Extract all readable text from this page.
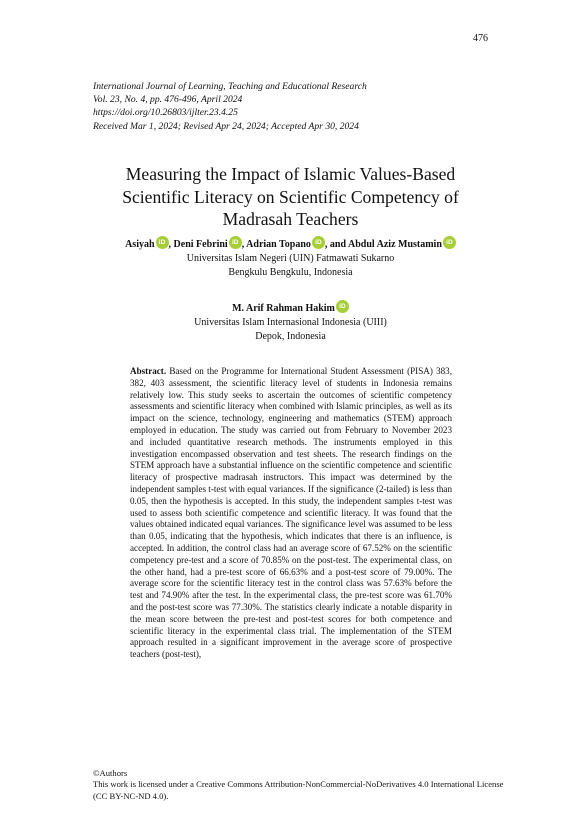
476
International Journal of Learning, Teaching and Educational Research
Vol. 23, No. 4, pp. 476-496, April 2024
https://doi.org/10.26803/ijlter.23.4.25
Received Mar 1, 2024; Revised Apr 24, 2024; Accepted Apr 30, 2024
Measuring the Impact of Islamic Values-Based
Scientific Literacy on Scientific Competency of
Madrasah Teachers
Asiyah iD , Deni Febrini iD , Adrian Topano iD , and Abdul Aziz Mustamin iD
Universitas Islam Negeri (UIN) Fatmawati Sukarno
Bengkulu Bengkulu, Indonesia
M. Arif Rahman Hakim iD
Universitas Islam Internasional Indonesia (UIII)
Depok, Indonesia
Abstract. Based on the Programme for International Student Assessment (PISA) 383, 382, 403 assessment, the scientific literacy level of students in Indonesia remains relatively low. This study seeks to ascertain the outcomes of scientific competency assessments and scientific literacy when combined with Islamic principles, as well as its impact on the science, technology, engineering and mathematics (STEM) approach employed in education. The study was carried out from February to November 2023 and included quantitative research methods. The instruments employed in this investigation encompassed observation and test sheets. The research findings on the STEM approach have a substantial influence on the scientific competence and scientific literacy of prospective madrasah instructors. This impact was determined by the independent samples t-test with equal variances. If the significance (2-tailed) is less than 0.05, then the hypothesis is accepted. In this study, the independent samples t-test was used to assess both scientific competence and scientific literacy. It was found that the values obtained indicated equal variances. The significance level was assumed to be less than 0.05, indicating that the hypothesis, which indicates that there is an influence, is accepted. In addition, the control class had an average score of 67.52% on the scientific competency pre-test and a score of 70.85% on the post-test. The experimental class, on the other hand, had a pre-test score of 66.63% and a post-test score of 79.00%. The average score for the scientific literacy test in the control class was 57.63% before the test and 74.90% after the test. In the experimental class, the pre-test score was 61.70% and the post-test score was 77.30%. The statistics clearly indicate a notable disparity in the mean score between the pre-test and post-test scores for both competence and scientific literacy in the experimental class trial. The implementation of the STEM approach resulted in a significant improvement in the average score of prospective teachers (post-test),
©Authors
This work is licensed under a Creative Commons Attribution-NonCommercial-NoDerivatives 4.0 International License (CC BY-NC-ND 4.0).
